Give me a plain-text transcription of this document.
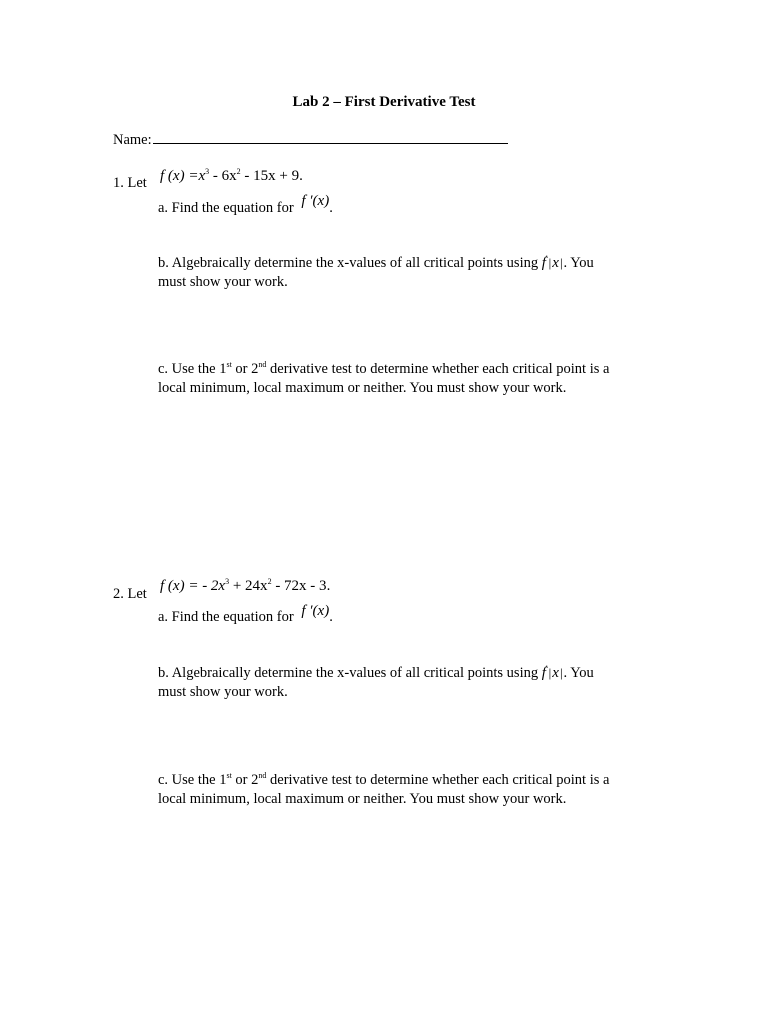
Lab 2 – First Derivative Test
Name:
1. Let f $(x) =x^3 - 6x^2 - 15x + 9$.
a. Find the equation for f ′(x).
b. Algebraically determine the x-values of all critical points using f′|x|. You
must show your work.
c. Use the 1st or 2nd derivative test to determine whether each critical point is a local minimum, local maximum or neither. You must show your work.
2. Let f (x) = - $2x^3 + 24x^2 - 72x - 3$.
a. Find the equation for f ′(x).
b. Algebraically determine the x-values of all critical points using f′|x|. You
must show your work.
c. Use the 1st or 2nd derivative test to determine whether each critical point is a local minimum, local maximum or neither. You must show your work.
